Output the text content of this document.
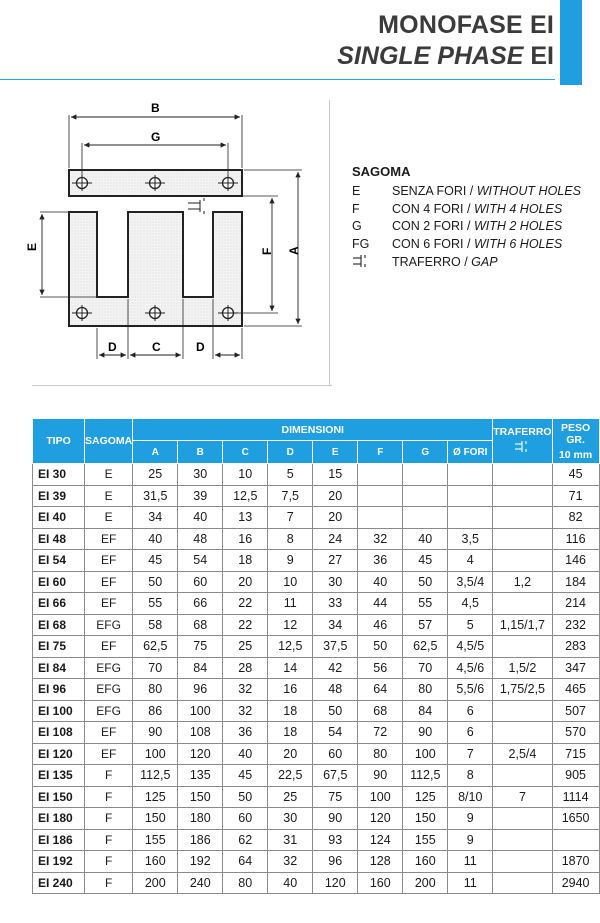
MONOFASE EI
SINGLE PHASE EI
B
G
E
F A
D	C	D
SAGOMA
E	SENZA FORI / WITHOUT HOLES
F	CON 4 FORI / WITH 4 HOLES
G	CON 2 FORI / WITH 2 HOLES
FG	CON 6 FORI / WITH 6 HOLES
TRAFERRO / GAP
TIPO	SAGOMA	DIMENSIONI								TRAFERRO	PESO GR.
10 mm

		A	B	C	D	E	F	G	Ø FORI		
EI 30	E	25	30	10	5	15					45
EI 39	E	31,5	39	12,5	7,5	20					71
EI 40	E	34	40	13	7	20					82
EI 48	EF	40	48	16	8	24	32	40	3,5		116
EI 54	EF	45	54	18	9	27	36	45	4		146
EI 60	EF	50	60	20	10	30	40	50	3,5/4	1,2	184
EI 66	EF	55	66	22	11	33	44	55	4,5		214
EI 68	EFG	58	68	22	12	34	46	57	5	1,15/1,7	232
EI 75	EF	62,5	75	25	12,5	37,5	50	62,5	4,5/5		283
EI 84	EFG	70	84	28	14	42	56	70	4,5/6	1,5/2	347
EI 96	EFG	80	96	32	16	48	64	80	5,5/6	1,75/2,5	465
EI 100	EFG	86	100	32	18	50	68	84	6		507
EI 108	EF	90	108	36	18	54	72	90	6		570
EI 120	EF	100	120	40	20	60	80	100	7	2,5/4	715
EI 135	F	112,5	135	45	22,5	67,5	90	112,5	8		905
EI 150	F	125	150	50	25	75	100	125	8/10	7	1114
EI 180	F	150	180	60	30	90	120	150	9		1650
EI 186	F	155	186	62	31	93	124	155	9		
EI 192	F	160	192	64	32	96	128	160	11		1870
EI 240	F	200	240	80	40	120	160	200	11		2940
